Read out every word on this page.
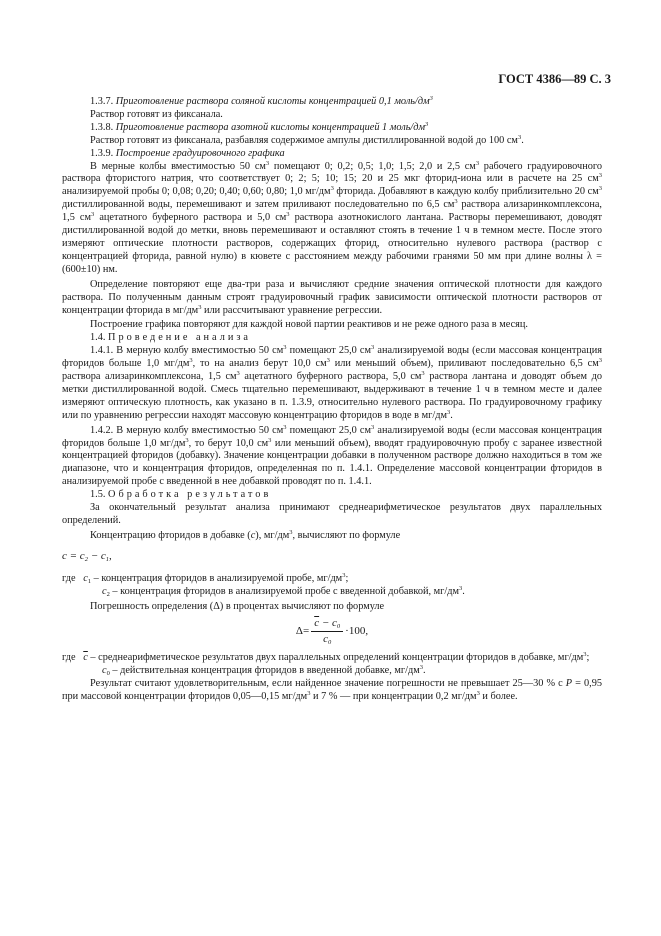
ГОСТ 4386—89 С. 3

1.3.7. Приготовление раствора соляной кислоты концентрацией 0,1 моль/$дм^3$

Раствор готовят из фиксанала.

1.3.8. Приготовление раствора азотной кислоты концентрацией 1 моль/$дм^3$

Раствор готовят из фиксанала, разбавляя содержимое ампулы дистиллированной водой до 100 $см^3$.

1.3.9. Построение градуировочного графика

В мерные колбы вместимостью 50 $см^3$ помещают 0; 0,2; 0,5; 1,0; 1,5; 2,0 и 2,5 $см^3$ рабочего градуировочного раствора фтористого натрия, что соответствует 0; 2; 5; 10; 15; 20 и 25 мкг фторид-иона или в расчете на 25 $см^3$ анализируемой пробы 0; 0,08; 0,20; 0,40; 0,60; 0,80; 1,0 $мг/дм^3$ фторида. Добавляют в каждую колбу приблизительно 20 $см^3$ дистиллированной воды, перемешивают и затем приливают последовательно по 6,5 $см^3$ раствора ализаринкомплексона, 1,5 $см^3$ ацетатного буферного раствора и 5,0 $см^3$ раствора азотнокислого лантана. Растворы перемешивают, доводят дистиллированной водой до метки, вновь перемешивают и оставляют стоять в течение 1 ч в темном месте. После этого измеряют оптические плотности растворов, содержащих фторид, относительно нулевого раствора (раствор с концентрацией фторида, равной нулю) в кювете с расстоянием между рабочими гранями 50 мм при длине волны λ = (600±10) нм.

Определение повторяют еще два-три раза и вычисляют средние значения оптической плотности для каждого раствора. По полученным данным строят градуировочный график зависимости оптической плотности растворов от концентрации фторида в $мг/дм^3$ или рассчитывают уравнение регрессии.

Построение графика повторяют для каждой новой партии реактивов и не реже одного раза в месяц.

1.4. Проведение анализа

1.4.1. В мерную колбу вместимостью 50 $см^3$ помещают 25,0 $см^3$ анализируемой воды (если массовая концентрация фторидов больше 1,0 $мг/дм^3$, то на анализ берут 10,0 $см^3$ или меньший объем), приливают последовательно 6,5 $см^3$ раствора ализаринкомплексона, 1,5 $см^3$ ацетатного буферного раствора, 5,0 $см^3$ раствора лантана и доводят объем до метки дистиллированной водой. Смесь тщательно перемешивают, выдерживают в течение 1 ч в темном месте и далее измеряют оптическую плотность, как указано в п. 1.3.9, относительно нулевого раствора. По градуировочному графику или по уравнению регрессии находят массовую концентрацию фторидов в воде в $мг/дм^3$.

1.4.2. В мерную колбу вместимостью 50 $см^3$ помещают 25,0 $см^3$ анализируемой воды (если массовая концентрация фторидов больше 1,0 $мг/дм^3$, то берут 10,0 $см^3$ или меньший объем), вводят градуировочную пробу с заранее известной концентрацией фторидов (добавку). Значение концентрации добавки в полученном растворе должно находиться в том же диапазоне, что и концентрация фторидов, определенная по п. 1.4.1. Определение массовой концентрации фторидов в анализируемой пробе с введенной в нее добавкой проводят по п. 1.4.1.

1.5. Обработка результатов

За окончательный результат анализа принимают среднеарифметическое результатов двух параллельных определений.

Концентрацию фторидов в добавке (c), $мг/дм^3$, вычисляют по формуле

$c = c_2 - c_1$,

где $c_1$ – концентрация фторидов в анализируемой пробе, $мг/дм^3$;

$c_2$ – концентрация фторидов в анализируемой пробе с введенной добавкой, $мг/дм^3$.

Погрешность определения (Δ) в процентах вычисляют по формуле

$\Delta= \frac{\overline{c} - c_0}{c_0} \cdot 100$,

где $\overline{c}$ – среднеарифметическое результатов двух параллельных определений концентрации фторидов в добавке, $мг/дм^3$;

$c_0$ – действительная концентрация фторидов в введенной добавке, $мг/дм^3$.

Результат считают удовлетворительным, если найденное значение погрешности не превышает 25—30 % с P = 0,95 при массовой концентрации фторидов 0,05—0,15 $мг/дм^3$ и 7 % — при концентрации 0,2 $мг/дм^3$ и более.
